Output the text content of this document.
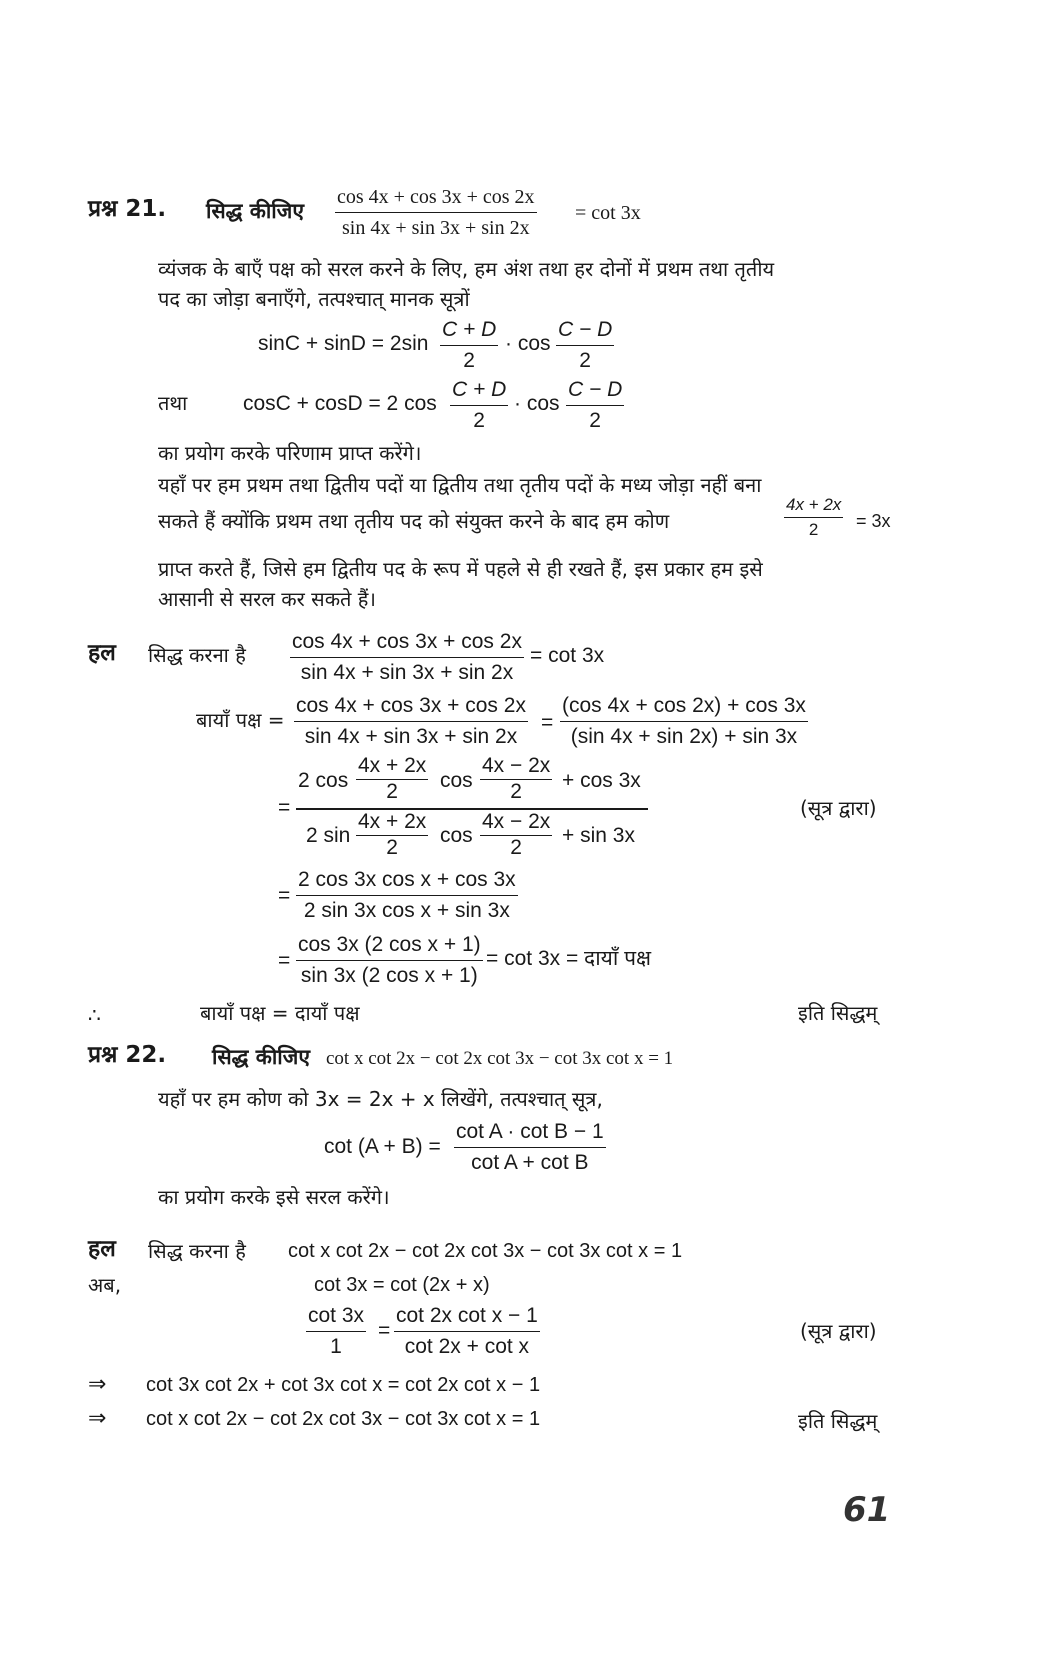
प्रश्न 21. सिद्ध कीजिए $\frac{\cos 4x + \cos 3x + \cos 2x}{\sin 4x + \sin 3x + \sin 2x} = \cot 3x$
व्यंजक के बाएँ पक्ष को सरल करने के लिए, हम अंश तथा हर दोनों में प्रथम तथा तृतीय
पद का जोड़ा बनाएँगे, तत्पश्चात् मानक सूत्रों
$\sin C + \sin D = 2\sin \frac{C + D}{2} \cdot \cos \frac{C - D}{2}$
तथा	cosC + cosD = 2 $\cos \frac{C + D}{2} \cdot \cos \frac{C - D}{2}$
का प्रयोग करके परिणाम प्राप्त करेंगे।
यहाँ पर हम प्रथम तथा द्वितीय पदों या द्वितीय तथा तृतीय पदों के मध्य जोड़ा नहीं बना
सकते हैं क्योंकि प्रथम तथा तृतीय पद को संयुक्त करने के बाद हम कोण	$\frac{4x + 2x}{2} = 3x$
प्राप्त करते हैं, जिसे हम द्वितीय पद के रूप में पहले से ही रखते हैं, इस प्रकार हम इसे
आसानी से सरल कर सकते हैं।
हल सिद्ध करना है $\frac{\cos 4x + \cos 3x + \cos 2x}{\sin 4x + \sin 3x + \sin 2x} = \cot 3x$
बायाँ पक्ष = $\frac{\cos 4x + \cos 3x + \cos 2x}{\sin 4x + \sin 3x + \sin 2x} = \frac{(\cos 4x + \cos 2x) + \cos 3x}{(\sin 4x + \sin 2x) + \sin 3x}$
=
2 $\cos \frac{4x + 2x}{2}$ $\cos \frac{4x - 2x}{2} + \cos 3x$
2 $\sin \frac{4x + 2x}{2}$ $\cos \frac{4x - 2x}{2} + \sin 3x$
(सूत्र द्वारा)
= $\frac{\text{2 cos 3x cos x + cos 3x}}{\text{2 sin 3x cos x + sin 3x}}$
= $\frac{\text{cos 3x (2 cos x + 1)}}{\text{sin 3x (2 cos x + 1)}} = \cot 3x$ = दायाँ पक्ष
∴	बायाँ पक्ष = दायाँ पक्ष	इति सिद्धम्
प्रश्न 22. सिद्ध कीजिए cot x cot 2x − cot 2x cot 3x − cot 3x cot x = 1
यहाँ पर हम कोण को 3x = 2x + x लिखेंगे, तत्पश्चात् सूत्र,
$\cot (A + B) = \frac{\text{cot A · cot B − 1}}{\text{cot A + cot B}}$
का प्रयोग करके इसे सरल करेंगे।
हल सिद्ध करना है cot x cot 2x − cot 2x cot 3x − cot 3x cot x = 1
अब,	cot 3x = cot (2x + x)
$\frac{\cot 3x}{1} = \frac{\text{cot 2x cot x − 1}}{\text{cot 2x + cot x}}$	(सूत्र द्वारा)
⇒ cot 3x cot 2x + cot 3x cot x = cot 2x cot x − 1
⇒ cot x cot 2x − cot 2x cot 3x − cot 3x cot x = 1	इति सिद्धम्
61
